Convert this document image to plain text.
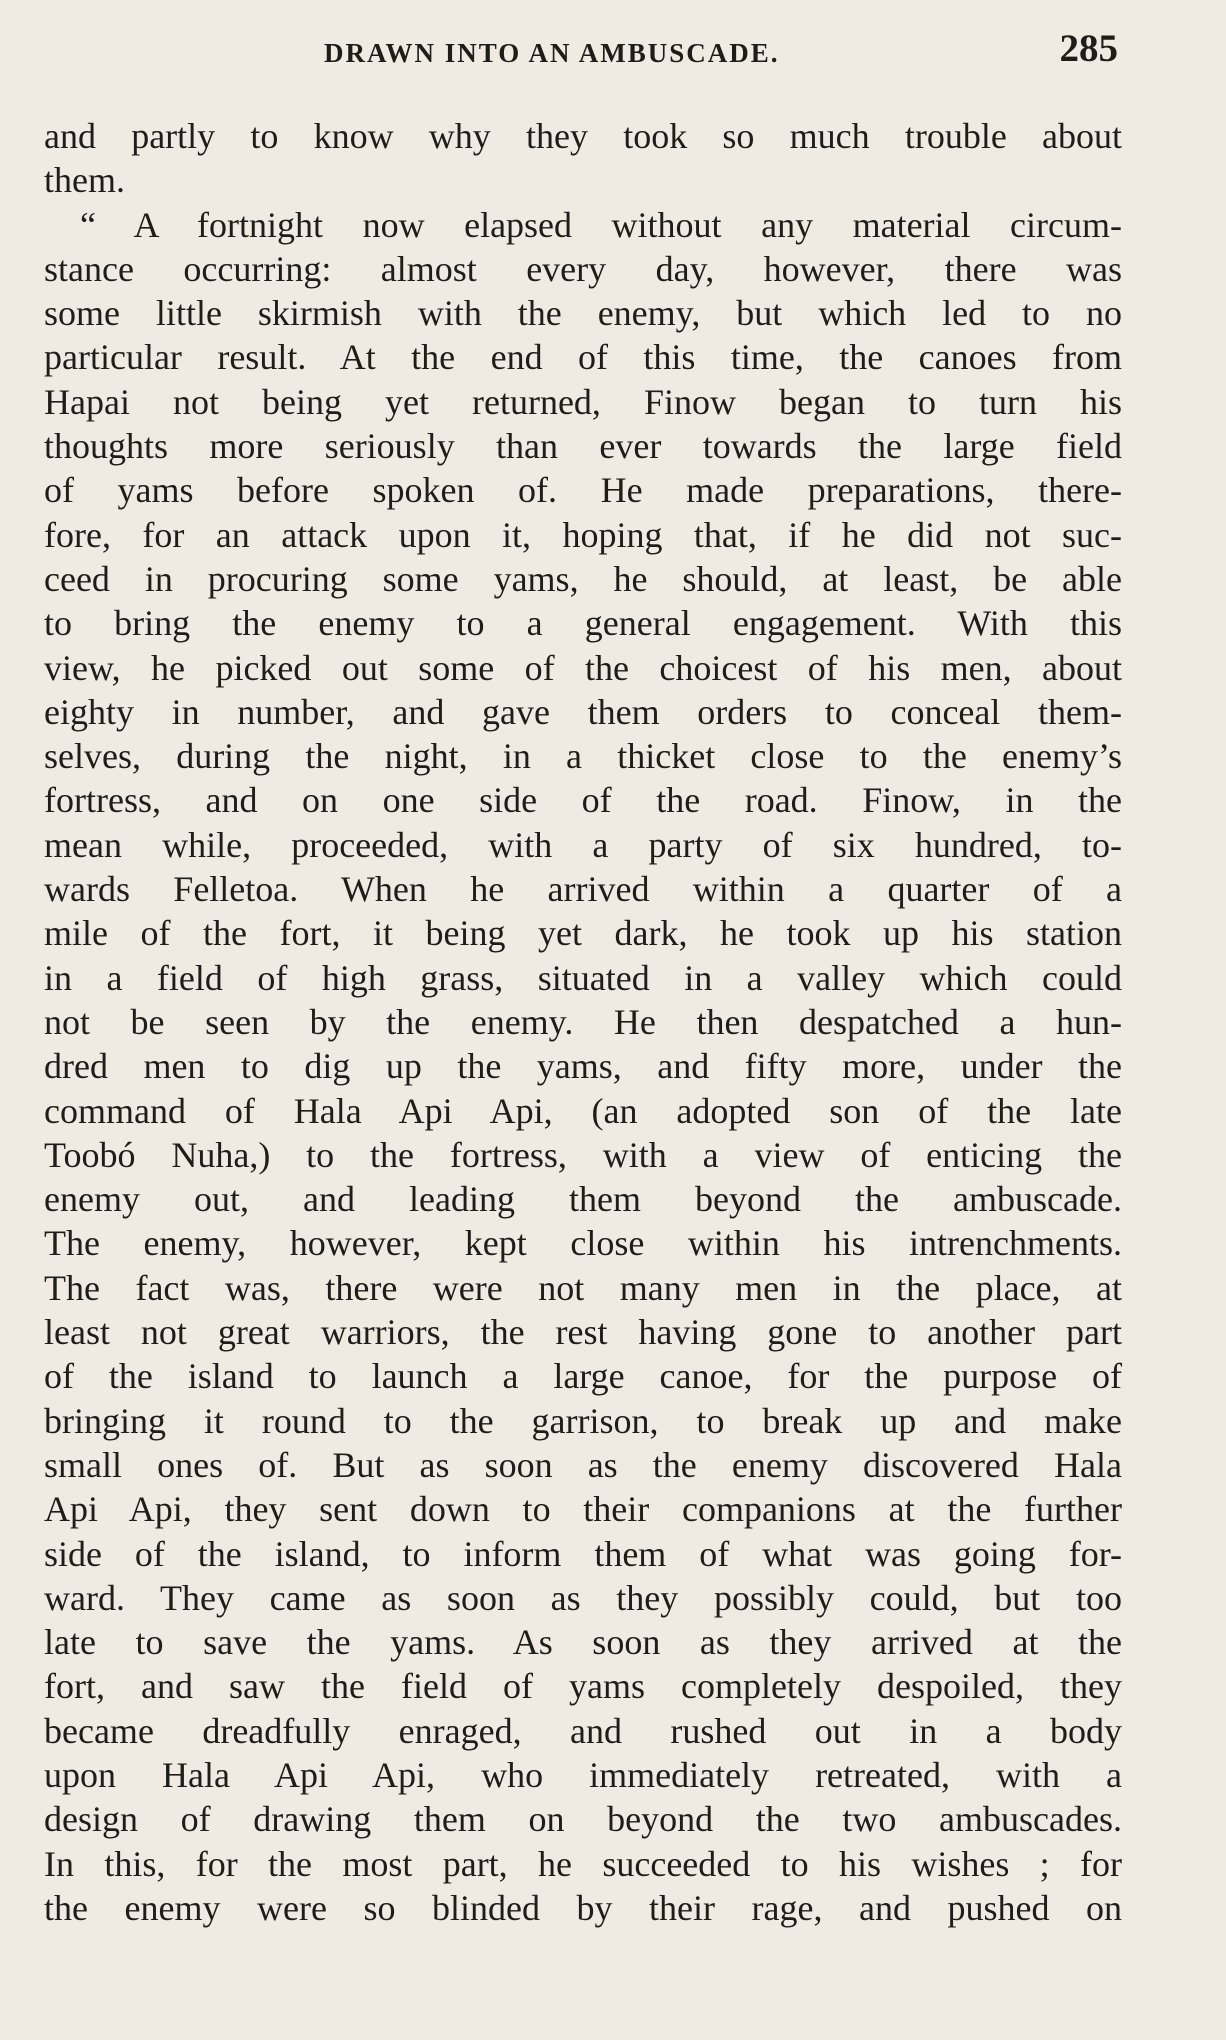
DRAWN INTO AN AMBUSCADE.	285
and partly to know why they took so much trouble about
them.
“ A fortnight now elapsed without any material circum-
stance occurring: almost every day, however, there was
some little skirmish with the enemy, but which led to no
particular result. At the end of this time, the canoes from
Hapai not being yet returned, Finow began to turn his
thoughts more seriously than ever towards the large field
of yams before spoken of. He made preparations, there-
fore, for an attack upon it, hoping that, if he did not suc-
ceed in procuring some yams, he should, at least, be able
to bring the enemy to a general engagement. With this
view, he picked out some of the choicest of his men, about
eighty in number, and gave them orders to conceal them-
selves, during the night, in a thicket close to the enemy’s
fortress, and on one side of the road. Finow, in the
mean while, proceeded, with a party of six hundred, to-
wards Felletoa. When he arrived within a quarter of a
mile of the fort, it being yet dark, he took up his station
in a field of high grass, situated in a valley which could
not be seen by the enemy. He then despatched a hun-
dred men to dig up the yams, and fifty more, under the
command of Hala Api Api, (an adopted son of the late
Toobó Nuha,) to the fortress, with a view of enticing the
enemy out, and leading them beyond the ambuscade.
The enemy, however, kept close within his intrenchments.
The fact was, there were not many men in the place, at
least not great warriors, the rest having gone to another part
of the island to launch a large canoe, for the purpose of
bringing it round to the garrison, to break up and make
small ones of. But as soon as the enemy discovered Hala
Api Api, they sent down to their companions at the further
side of the island, to inform them of what was going for-
ward. They came as soon as they possibly could, but too
late to save the yams. As soon as they arrived at the
fort, and saw the field of yams completely despoiled, they
became dreadfully enraged, and rushed out in a body
upon Hala Api Api, who immediately retreated, with a
design of drawing them on beyond the two ambuscades.
In this, for the most part, he succeeded to his wishes ; for
the enemy were so blinded by their rage, and pushed on
